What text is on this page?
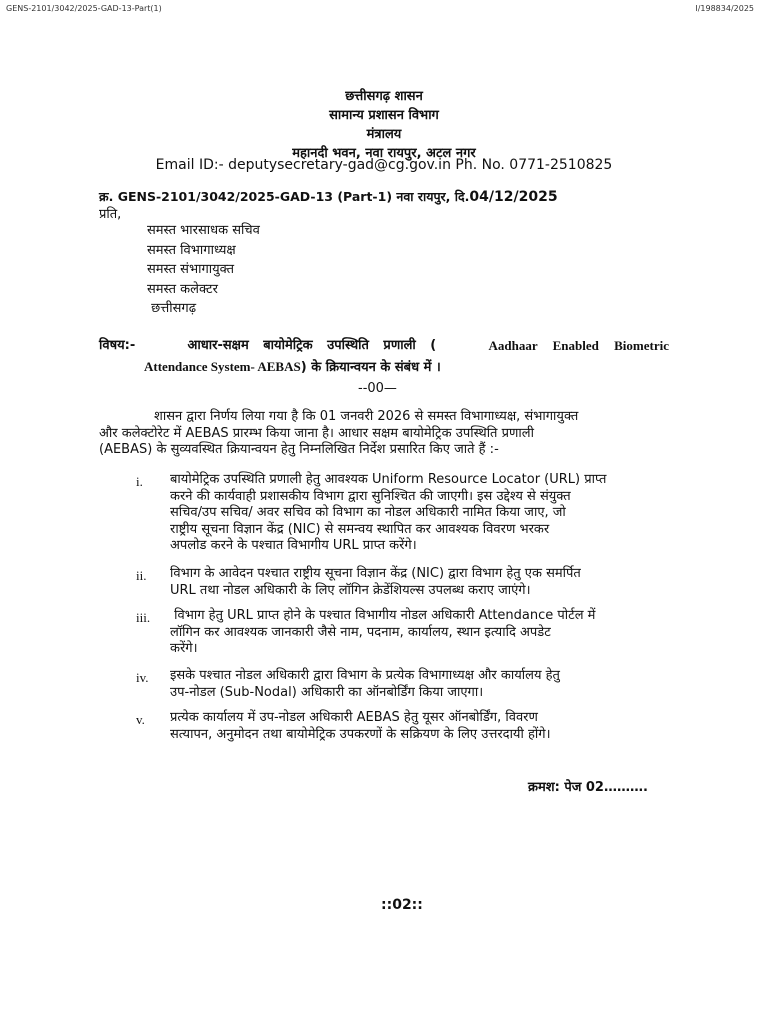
GENS-2101/3042/2025-GAD-13-Part(1)	I/198834/2025
छत्तीसगढ़ शासन
सामान्य प्रशासन विभाग
मंत्रालय
महानदी भवन, नवा रायपुर, अटल नगर
Email ID:- deputysecretary-gad@cg.gov.in Ph. No. 0771-2510825
क्र. GENS-2101/3042/2025-GAD-13 (Part-1) नवा रायपुर, दि.04/12/2025
प्रति,
समस्त भारसाधक सचिव
समस्त विभागाध्यक्ष
समस्त संभागायुक्त
समस्त कलेक्टर
छत्तीसगढ़
विषय:-	आधार-सक्षम बायोमेट्रिक उपस्थिति प्रणाली (	Aadhaar Enabled Biometric
Attendance System- AEBAS) के क्रियान्वयन के संबंध में ।
--00—
शासन द्वारा निर्णय लिया गया है कि 01 जनवरी 2026 से समस्त विभागाध्यक्ष, संभागायुक्त
और कलेक्टोरेट में AEBAS प्रारम्भ किया जाना है। आधार सक्षम बायोमेट्रिक उपस्थिति प्रणाली
(AEBAS) के सुव्यवस्थित क्रियान्वयन हेतु निम्नलिखित निर्देश प्रसारित किए जाते हैं :-
i. बायोमेट्रिक उपस्थिति प्रणाली हेतु आवश्यक Uniform Resource Locator (URL) प्राप्त
करने की कार्यवाही प्रशासकीय विभाग द्वारा सुनिश्चित की जाएगी। इस उद्देश्य से संयुक्त
सचिव/उप सचिव/ अवर सचिव को विभाग का नोडल अधिकारी नामित किया जाए, जो
राष्ट्रीय सूचना विज्ञान केंद्र (NIC) से समन्वय स्थापित कर आवश्यक विवरण भरकर
अपलोड करने के पश्चात विभागीय URL प्राप्त करेंगे।
ii. विभाग के आवेदन पश्चात राष्ट्रीय सूचना विज्ञान केंद्र (NIC) द्वारा विभाग हेतु एक समर्पित
URL तथा नोडल अधिकारी के लिए लॉगिन क्रेडेंशियल्स उपलब्ध कराए जाएंगे।
iii. विभाग हेतु URL प्राप्त होने के पश्चात विभागीय नोडल अधिकारी Attendance पोर्टल में
लॉगिन कर आवश्यक जानकारी जैसे नाम, पदनाम, कार्यालय, स्थान इत्यादि अपडेट
करेंगे।
iv. इसके पश्चात नोडल अधिकारी द्वारा विभाग के प्रत्येक विभागाध्यक्ष और कार्यालय हेतु
उप-नोडल (Sub-Nodal) अधिकारी का ऑनबोर्डिंग किया जाएगा।
v. प्रत्येक कार्यालय में उप-नोडल अधिकारी AEBAS हेतु यूसर ऑनबोर्डिंग, विवरण
सत्यापन, अनुमोदन तथा बायोमेट्रिक उपकरणों के सक्रियण के लिए उत्तरदायी होंगे।
क्रमश: पेज 02……….
::02::
